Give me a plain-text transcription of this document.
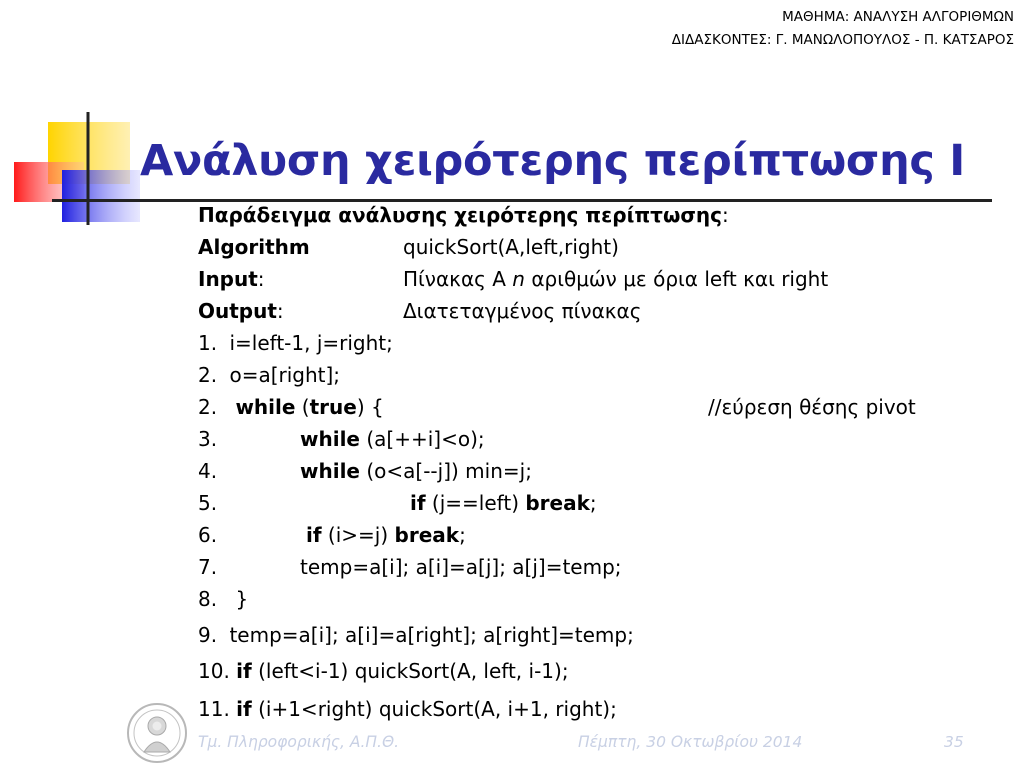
ΜΑΘΗΜΑ: ΑΝΑΛΥΣΗ ΑΛΓΟΡΙΘΜΩΝ
ΔΙΔΑΣΚΟΝΤΕΣ: Γ. ΜΑΝΩΛΟΠΟΥΛΟΣ - Π. ΚΑΤΣΑΡΟΣ
Ανάλυση χειρότερης περίπτωσης Ι
Παράδειγμα ανάλυσης χειρότερης περίπτωσης:
Algorithm	quickSort(A,left,right)
Input:	Πίνακας Α n αριθμών με όρια left και right
Output:	Διατεταγμένος πίνακας
1. i=left-1, j=right;
2. o=a[right];
2. while (true) {	//εύρεση θέσης pivot
3.	while (a[++i]<o);
4.	while (o<a[--j]) min=j;
5.	if (j==left) break;
6.	if (i>=j) break;
7.	temp=a[i]; a[i]=a[j]; a[j]=temp;
8. }
9. temp=a[i]; a[i]=a[right]; a[right]=temp;
10. if (left<i-1) quickSort(A, left, i-1);
11. if (i+1<right) quickSort(A, i+1, right);
Τμ. Πληροφορικής, Α.Π.Θ.	Πέμπτη, 30 Οκτωβρίου 2014	35
